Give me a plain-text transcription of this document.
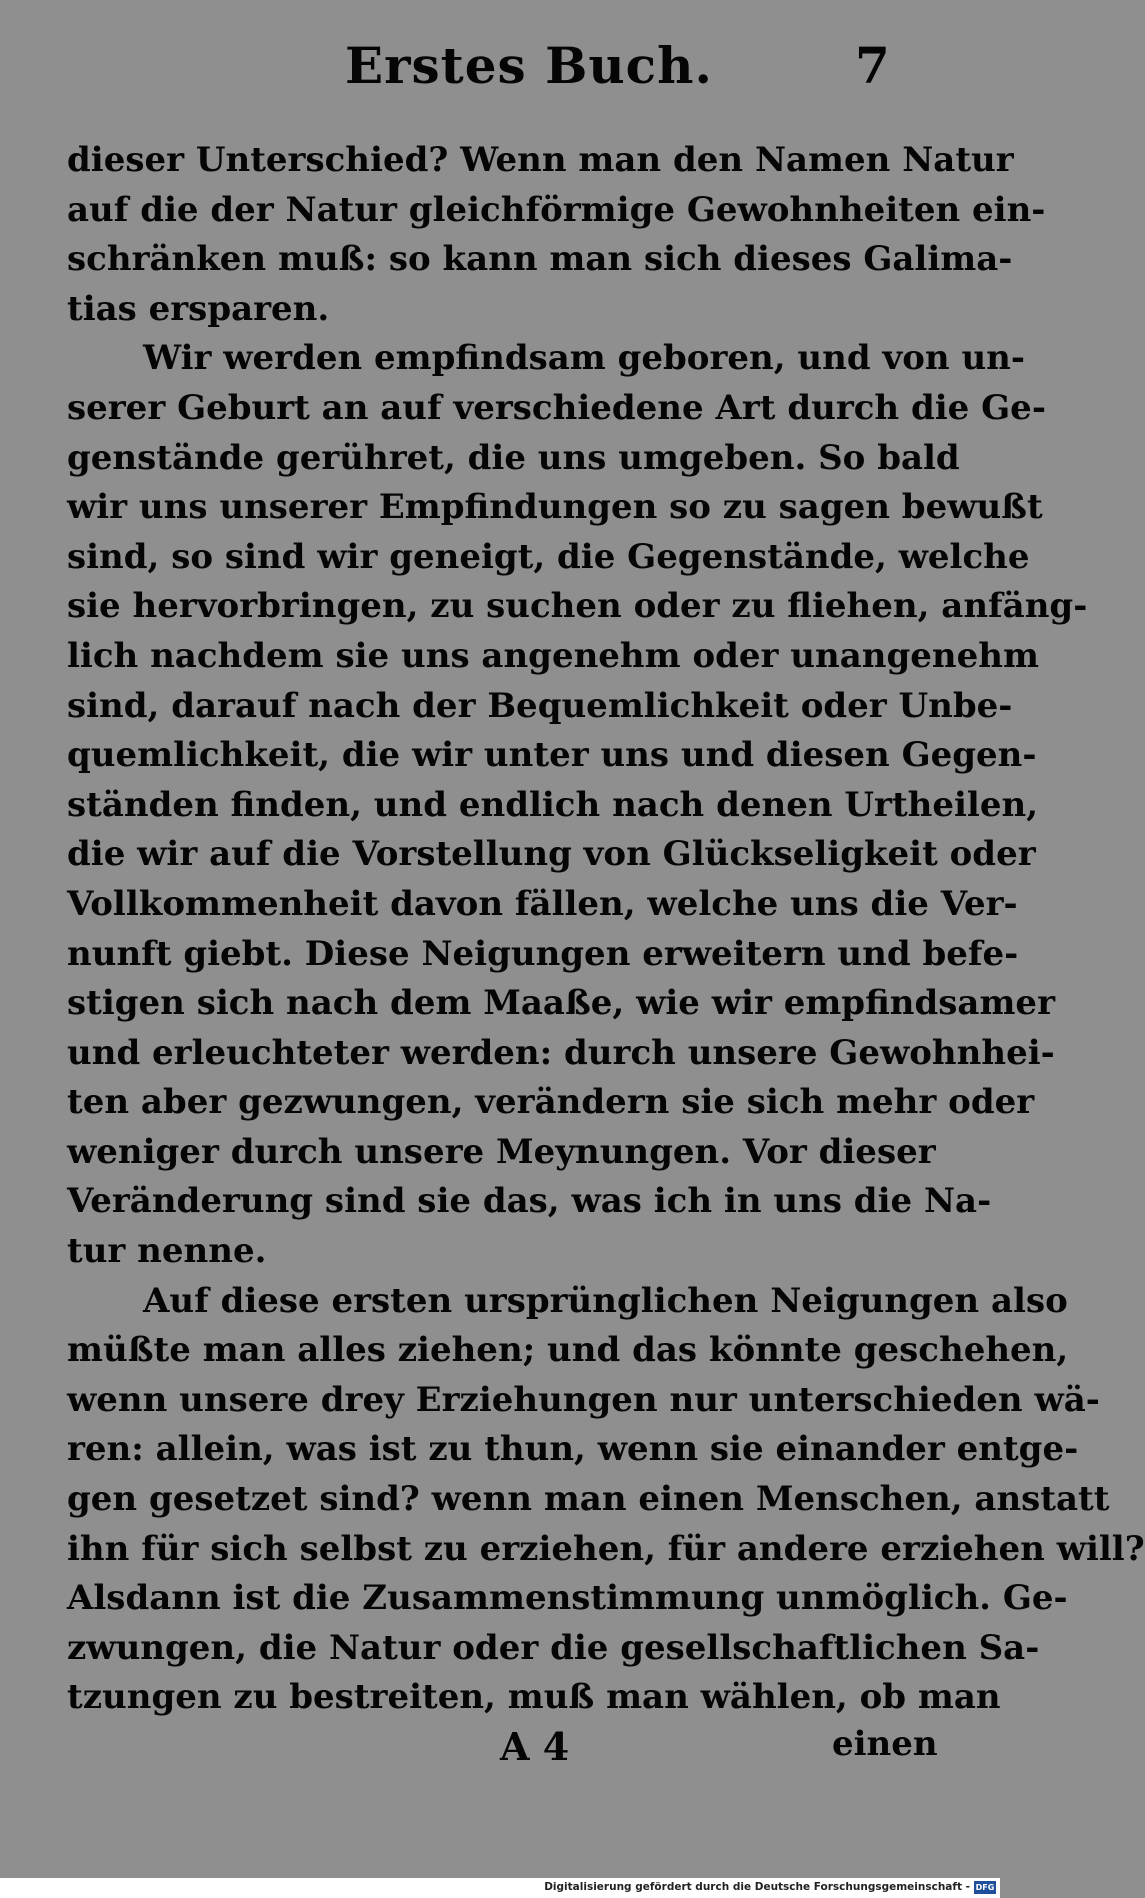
Erstes Buch.	7
dieser Unterschied? Wenn man den Namen Natur
auf die der Natur gleichförmige Gewohnheiten ein-
schränken muß: so kann man sich dieses Galima-
tias ersparen.
Wir werden empfindsam geboren, und von un-
serer Geburt an auf verschiedene Art durch die Ge-
genstände gerühret, die uns umgeben. So bald
wir uns unserer Empfindungen so zu sagen bewußt
sind, so sind wir geneigt, die Gegenstände, welche
sie hervorbringen, zu suchen oder zu fliehen, anfäng-
lich nachdem sie uns angenehm oder unangenehm
sind, darauf nach der Bequemlichkeit oder Unbe-
quemlichkeit, die wir unter uns und diesen Gegen-
ständen finden, und endlich nach denen Urtheilen,
die wir auf die Vorstellung von Glückseligkeit oder
Vollkommenheit davon fällen, welche uns die Ver-
nunft giebt. Diese Neigungen erweitern und befe-
stigen sich nach dem Maaße, wie wir empfindsamer
und erleuchteter werden: durch unsere Gewohnhei-
ten aber gezwungen, verändern sie sich mehr oder
weniger durch unsere Meynungen. Vor dieser
Veränderung sind sie das, was ich in uns die Na-
tur nenne.
Auf diese ersten ursprünglichen Neigungen also
müßte man alles ziehen; und das könnte geschehen,
wenn unsere drey Erziehungen nur unterschieden wä-
ren: allein, was ist zu thun, wenn sie einander entge-
gen gesetzet sind? wenn man einen Menschen, anstatt
ihn für sich selbst zu erziehen, für andere erziehen will?
Alsdann ist die Zusammenstimmung unmöglich. Ge-
zwungen, die Natur oder die gesellschaftlichen Sa-
tzungen zu bestreiten, muß man wählen, ob man
A 4	einen
Digitalisierung gefördert durch die Deutsche Forschungsgemeinschaft - DFG
